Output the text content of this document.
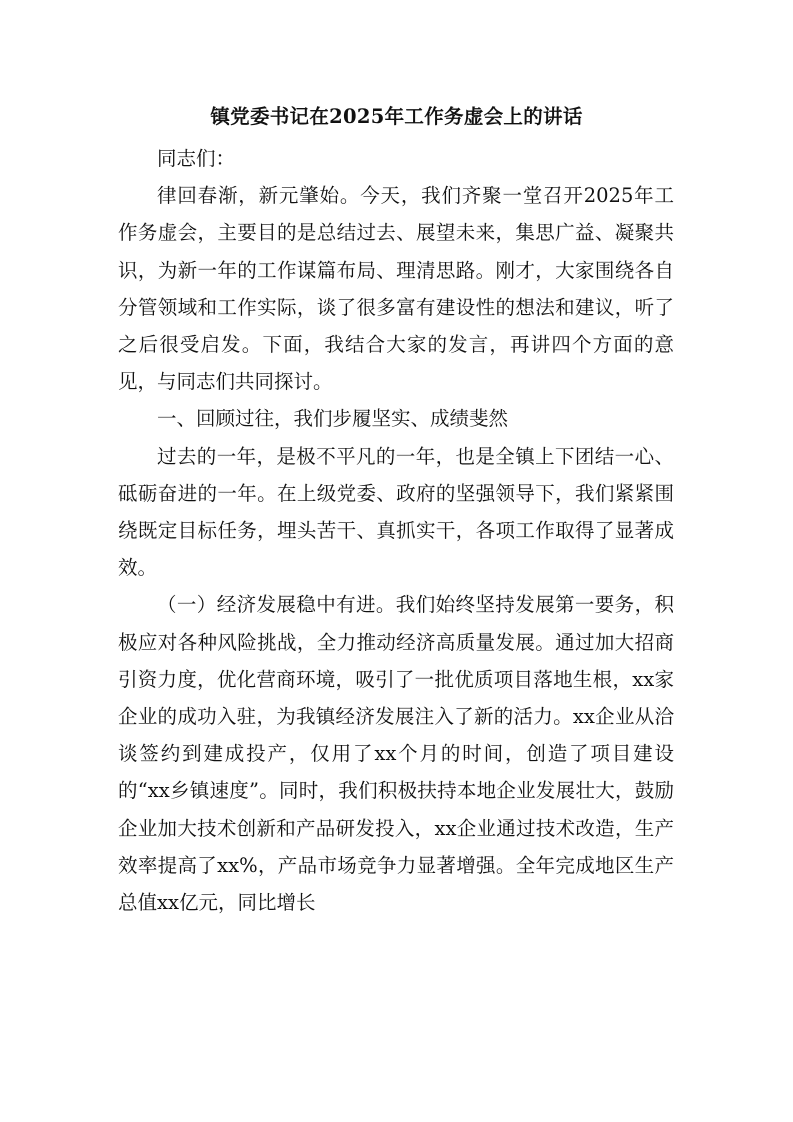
镇党委书记在2025年工作务虚会上的讲话

同志们：

律回春渐，新元肇始。今天，我们齐聚一堂召开2025年工作务虚会，主要目的是总结过去、展望未来，集思广益、凝聚共识，为新一年的工作谋篇布局、理清思路。刚才，大家围绕各自分管领域和工作实际，谈了很多富有建设性的想法和建议，听了之后很受启发。下面，我结合大家的发言，再讲四个方面的意见，与同志们共同探讨。

一、回顾过往，我们步履坚实、成绩斐然

过去的一年，是极不平凡的一年，也是全镇上下团结一心、砥砺奋进的一年。在上级党委、政府的坚强领导下，我们紧紧围绕既定目标任务，埋头苦干、真抓实干，各项工作取得了显著成效。

（一）经济发展稳中有进。我们始终坚持发展第一要务，积极应对各种风险挑战，全力推动经济高质量发展。通过加大招商引资力度，优化营商环境，吸引了一批优质项目落地生根，xx家企业的成功入驻，为我镇经济发展注入了新的活力。xx企业从洽谈签约到建成投产，仅用了xx个月的时间，创造了项目建设的“xx乡镇速度”。同时，我们积极扶持本地企业发展壮大，鼓励企业加大技术创新和产品研发投入，xx企业通过技术改造，生产效率提高了xx%，产品市场竞争力显著增强。全年完成地区生产总值xx亿元，同比增长
